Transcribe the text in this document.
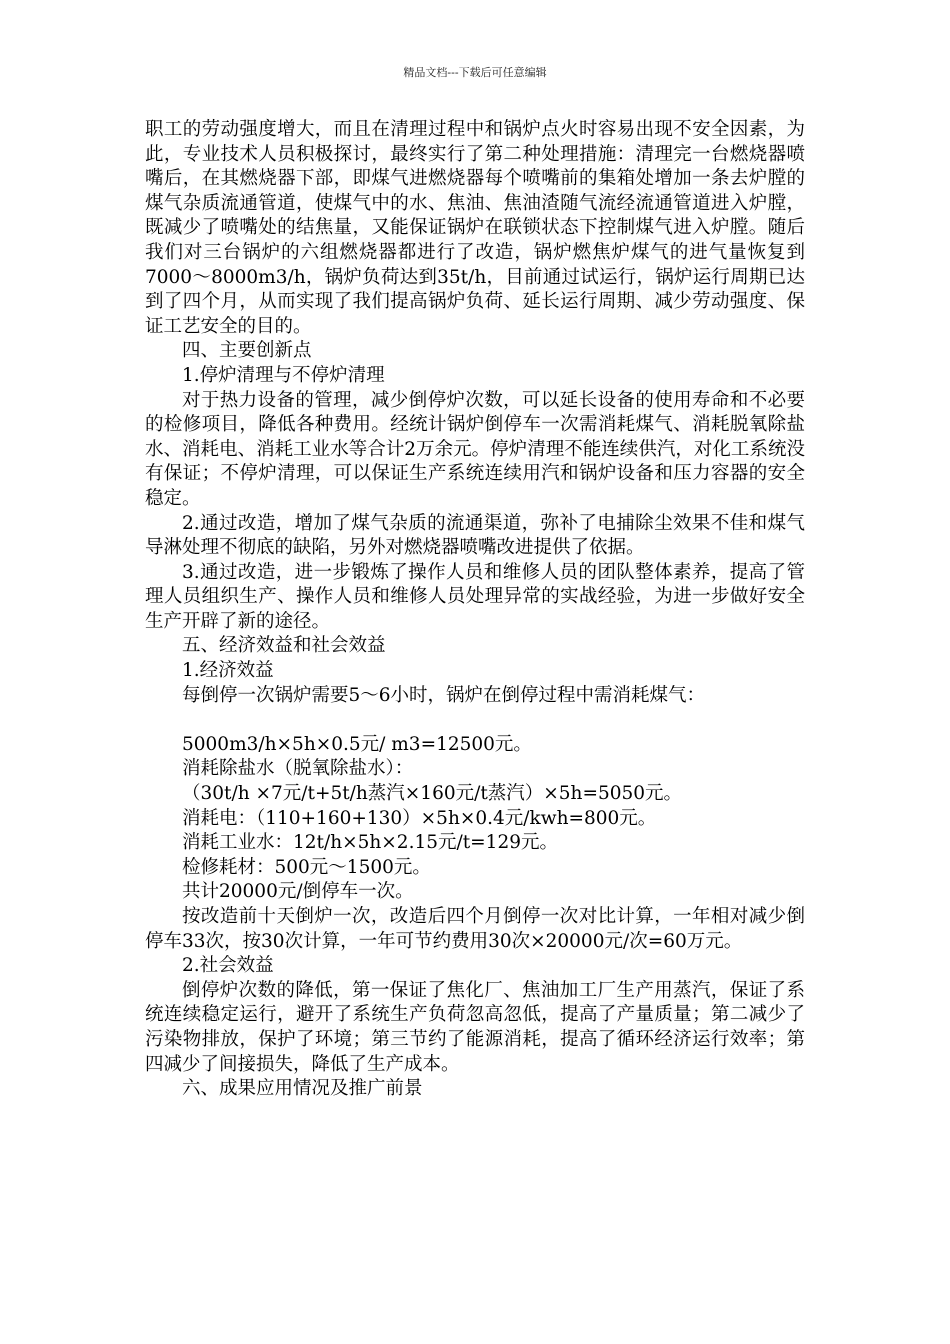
精品文档---下载后可任意编辑

职工的劳动强度增大，而且在清理过程中和锅炉点火时容易出现不安全因素，为此，专业技术人员积极探讨，最终实行了第二种处理措施：清理完一台燃烧器喷嘴后，在其燃烧器下部，即煤气进燃烧器每个喷嘴前的集箱处增加一条去炉膛的煤气杂质流通管道，使煤气中的水、焦油、焦油渣随气流经流通管道进入炉膛，既减少了喷嘴处的结焦量，又能保证锅炉在联锁状态下控制煤气进入炉膛。随后我们对三台锅炉的六组燃烧器都进行了改造，锅炉燃焦炉煤气的进气量恢复到7000～8000m3/h，锅炉负荷达到35t/h，目前通过试运行，锅炉运行周期已达到了四个月，从而实现了我们提高锅炉负荷、延长运行周期、减少劳动强度、保证工艺安全的目的。

四、主要创新点

1.停炉清理与不停炉清理

对于热力设备的管理，减少倒停炉次数，可以延长设备的使用寿命和不必要的检修项目，降低各种费用。经统计锅炉倒停车一次需消耗煤气、消耗脱氧除盐水、消耗电、消耗工业水等合计2万余元。停炉清理不能连续供汽，对化工系统没有保证；不停炉清理，可以保证生产系统连续用汽和锅炉设备和压力容器的安全稳定。

2.通过改造，增加了煤气杂质的流通渠道，弥补了电捕除尘效果不佳和煤气导淋处理不彻底的缺陷，另外对燃烧器喷嘴改进提供了依据。

3.通过改造，进一步锻炼了操作人员和维修人员的团队整体素养，提高了管理人员组织生产、操作人员和维修人员处理异常的实战经验，为进一步做好安全生产开辟了新的途径。

五、经济效益和社会效益

1.经济效益

每倒停一次锅炉需要5～6小时，锅炉在倒停过程中需消耗煤气：

5000m3/h×5h×0.5元/ m3=12500元。

消耗除盐水（脱氧除盐水）：

（30t/h ×7元/t+5t/h蒸汽×160元/t蒸汽）×5h=5050元。

消耗电：（110+160+130）×5h×0.4元/kwh=800元。

消耗工业水：12t/h×5h×2.15元/t=129元。

检修耗材：500元～1500元。

共计20000元/倒停车一次。

按改造前十天倒炉一次，改造后四个月倒停一次对比计算，一年相对减少倒停车33次，按30次计算，一年可节约费用30次×20000元/次=60万元。

2.社会效益

倒停炉次数的降低，第一保证了焦化厂、焦油加工厂生产用蒸汽，保证了系统连续稳定运行，避开了系统生产负荷忽高忽低，提高了产量质量；第二减少了污染物排放，保护了环境；第三节约了能源消耗，提高了循环经济运行效率；第四减少了间接损失，降低了生产成本。

六、成果应用情况及推广前景
